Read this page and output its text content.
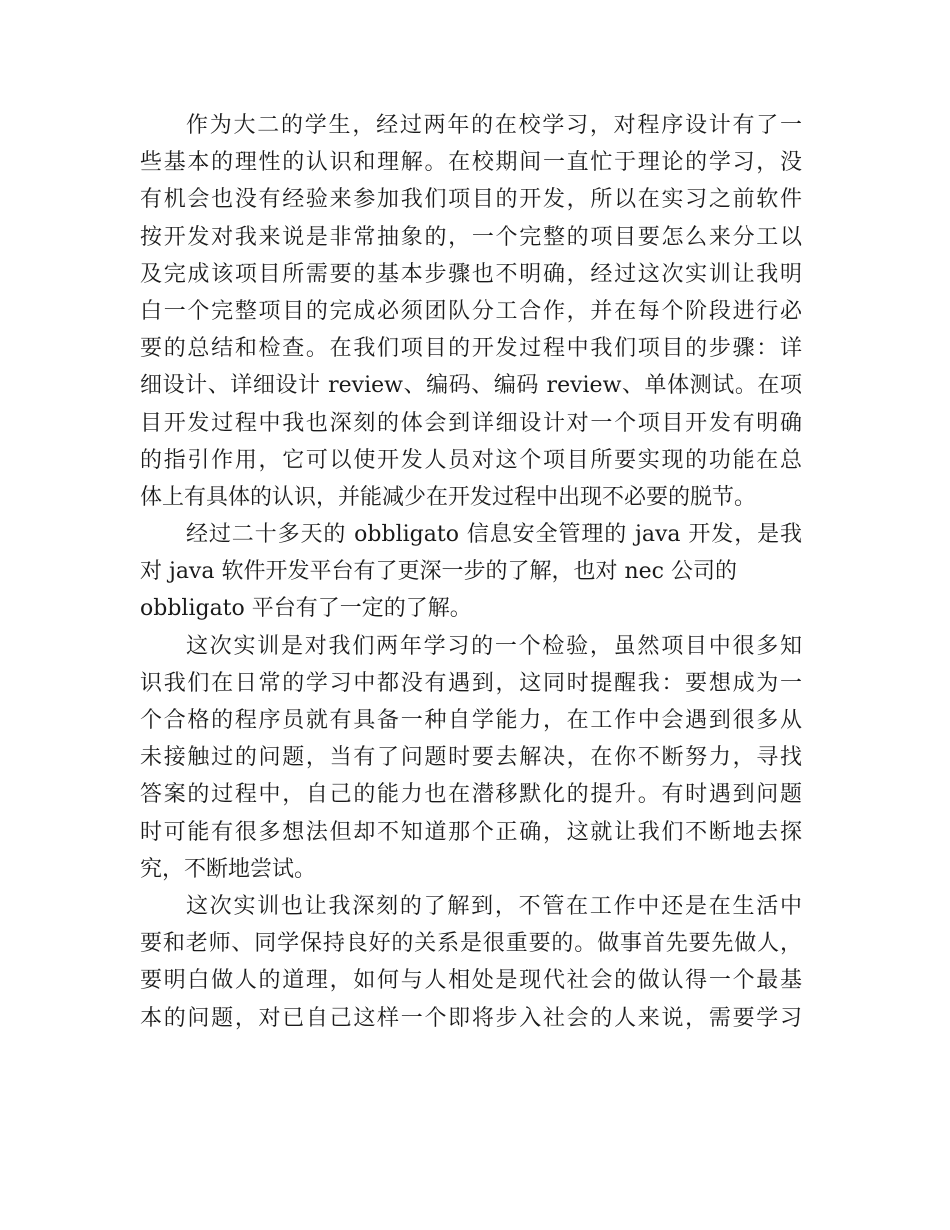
作为大二的学生，经过两年的在校学习，对程序设计有了一
些基本的理性的认识和理解。在校期间一直忙于理论的学习，没
有机会也没有经验来参加我们项目的开发，所以在实习之前软件
按开发对我来说是非常抽象的，一个完整的项目要怎么来分工以
及完成该项目所需要的基本步骤也不明确，经过这次实训让我明
白一个完整项目的完成必须团队分工合作，并在每个阶段进行必
要的总结和检查。在我们项目的开发过程中我们项目的步骤：详
细设计、详细设计 review、编码、编码 review、单体测试。在项
目开发过程中我也深刻的体会到详细设计对一个项目开发有明确
的指引作用，它可以使开发人员对这个项目所要实现的功能在总
体上有具体的认识，并能减少在开发过程中出现不必要的脱节。
经过二十多天的 obbligato 信息安全管理的 java 开发，是我
对 java 软件开发平台有了更深一步的了解，也对 nec 公司的
obbligato 平台有了一定的了解。
这次实训是对我们两年学习的一个检验，虽然项目中很多知
识我们在日常的学习中都没有遇到，这同时提醒我：要想成为一
个合格的程序员就有具备一种自学能力，在工作中会遇到很多从
未接触过的问题，当有了问题时要去解决，在你不断努力，寻找
答案的过程中，自己的能力也在潜移默化的提升。有时遇到问题
时可能有很多想法但却不知道那个正确，这就让我们不断地去探
究，不断地尝试。
这次实训也让我深刻的了解到，不管在工作中还是在生活中
要和老师、同学保持良好的关系是很重要的。做事首先要先做人，
要明白做人的道理，如何与人相处是现代社会的做认得一个最基
本的问题，对已自己这样一个即将步入社会的人来说，需要学习
